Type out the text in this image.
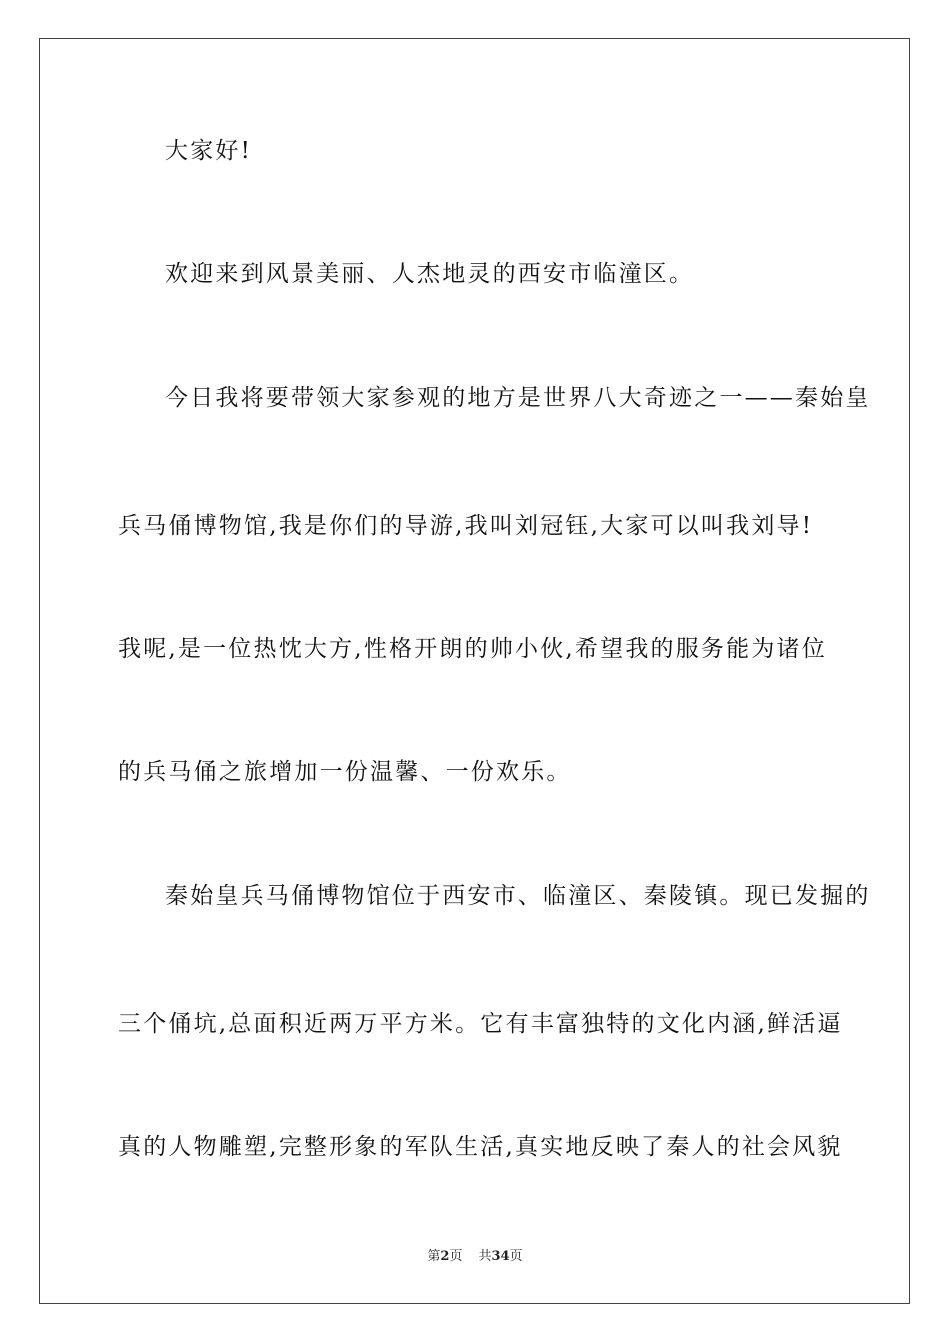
大家好!

欢迎来到风景美丽、人杰地灵的西安市临潼区。

今日我将要带领大家参观的地方是世界八大奇迹之一——秦始皇

兵马俑博物馆,我是你们的导游,我叫刘冠钰,大家可以叫我刘导!

我呢,是一位热忱大方,性格开朗的帅小伙,希望我的服务能为诸位

的兵马俑之旅增加一份温馨、一份欢乐。

秦始皇兵马俑博物馆位于西安市、临潼区、秦陵镇。现已发掘的

三个俑坑,总面积近两万平方米。它有丰富独特的文化内涵,鲜活逼

真的人物雕塑,完整形象的军队生活,真实地反映了秦人的社会风貌

第2页 共34页
